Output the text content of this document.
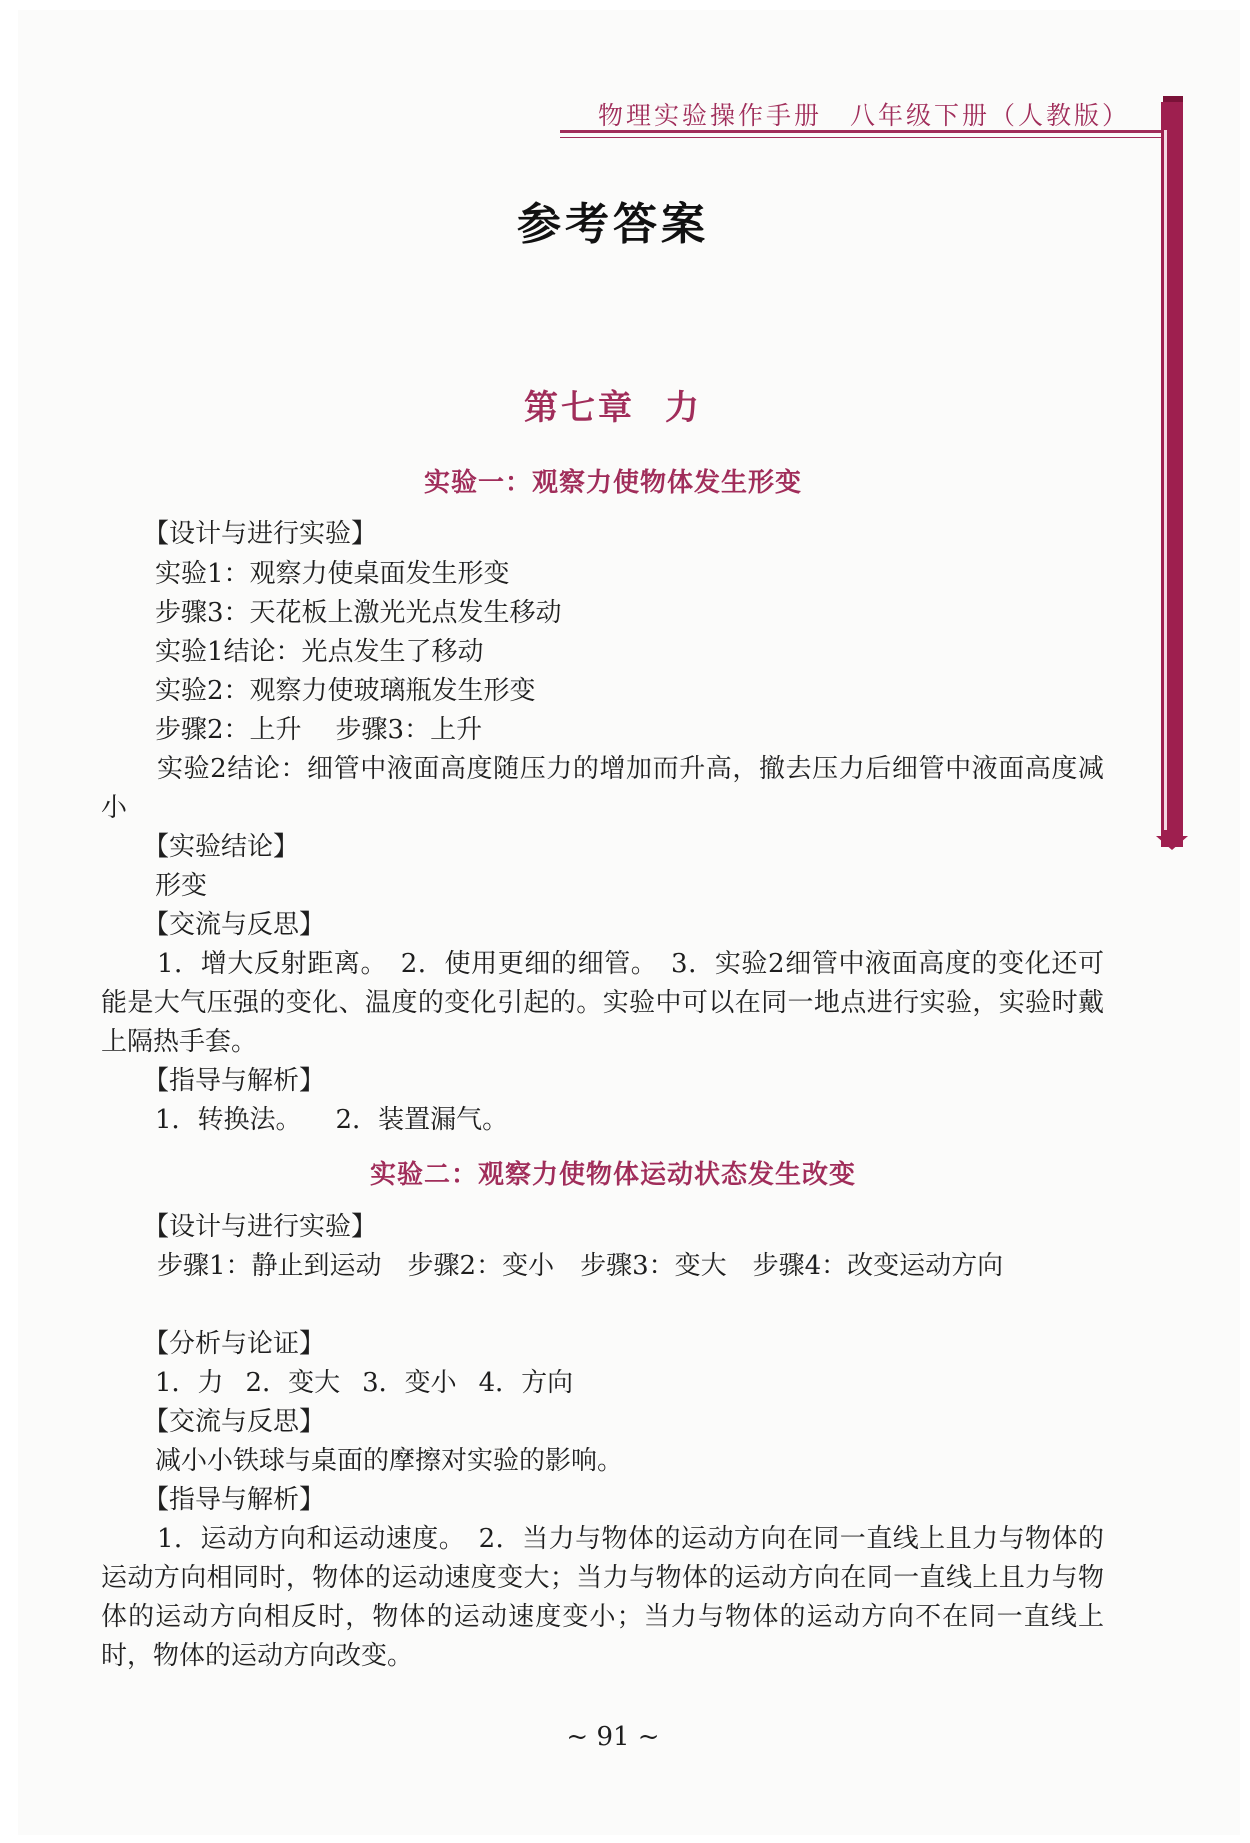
物理实验操作手册　八年级下册（人教版）
参考答案
第七章 力
实验一：观察力使物体发生形变
【设计与进行实验】
实验1：观察力使桌面发生形变
步骤3：天花板上激光光点发生移动
实验1结论：光点发生了移动
实验2：观察力使玻璃瓶发生形变
步骤2：上升 步骤3：上升
实验2结论：细管中液面高度随压力的增加而升高，撤去压力后细管中液面高度减小
【实验结论】
形变
【交流与反思】
1．增大反射距离。　2．使用更细的细管。　3．实验2细管中液面高度的变化还可能是大气压强的变化、温度的变化引起的。实验中可以在同一地点进行实验，实验时戴上隔热手套。
【指导与解析】
1．转换法。 2．装置漏气。
实验二：观察力使物体运动状态发生改变
【设计与进行实验】
步骤1：静止到运动　步骤2：变小　步骤3：变大　步骤4：改变运动方向
【分析与论证】
1．力 2．变大 3．变小 4．方向
【交流与反思】
减小小铁球与桌面的摩擦对实验的影响。
【指导与解析】
1．运动方向和运动速度。　2．当力与物体的运动方向在同一直线上且力与物体的运动方向相同时，物体的运动速度变大；当力与物体的运动方向在同一直线上且力与物体的运动方向相反时，物体的运动速度变小；当力与物体的运动方向不在同一直线上时，物体的运动方向改变。
~ 91 ~
